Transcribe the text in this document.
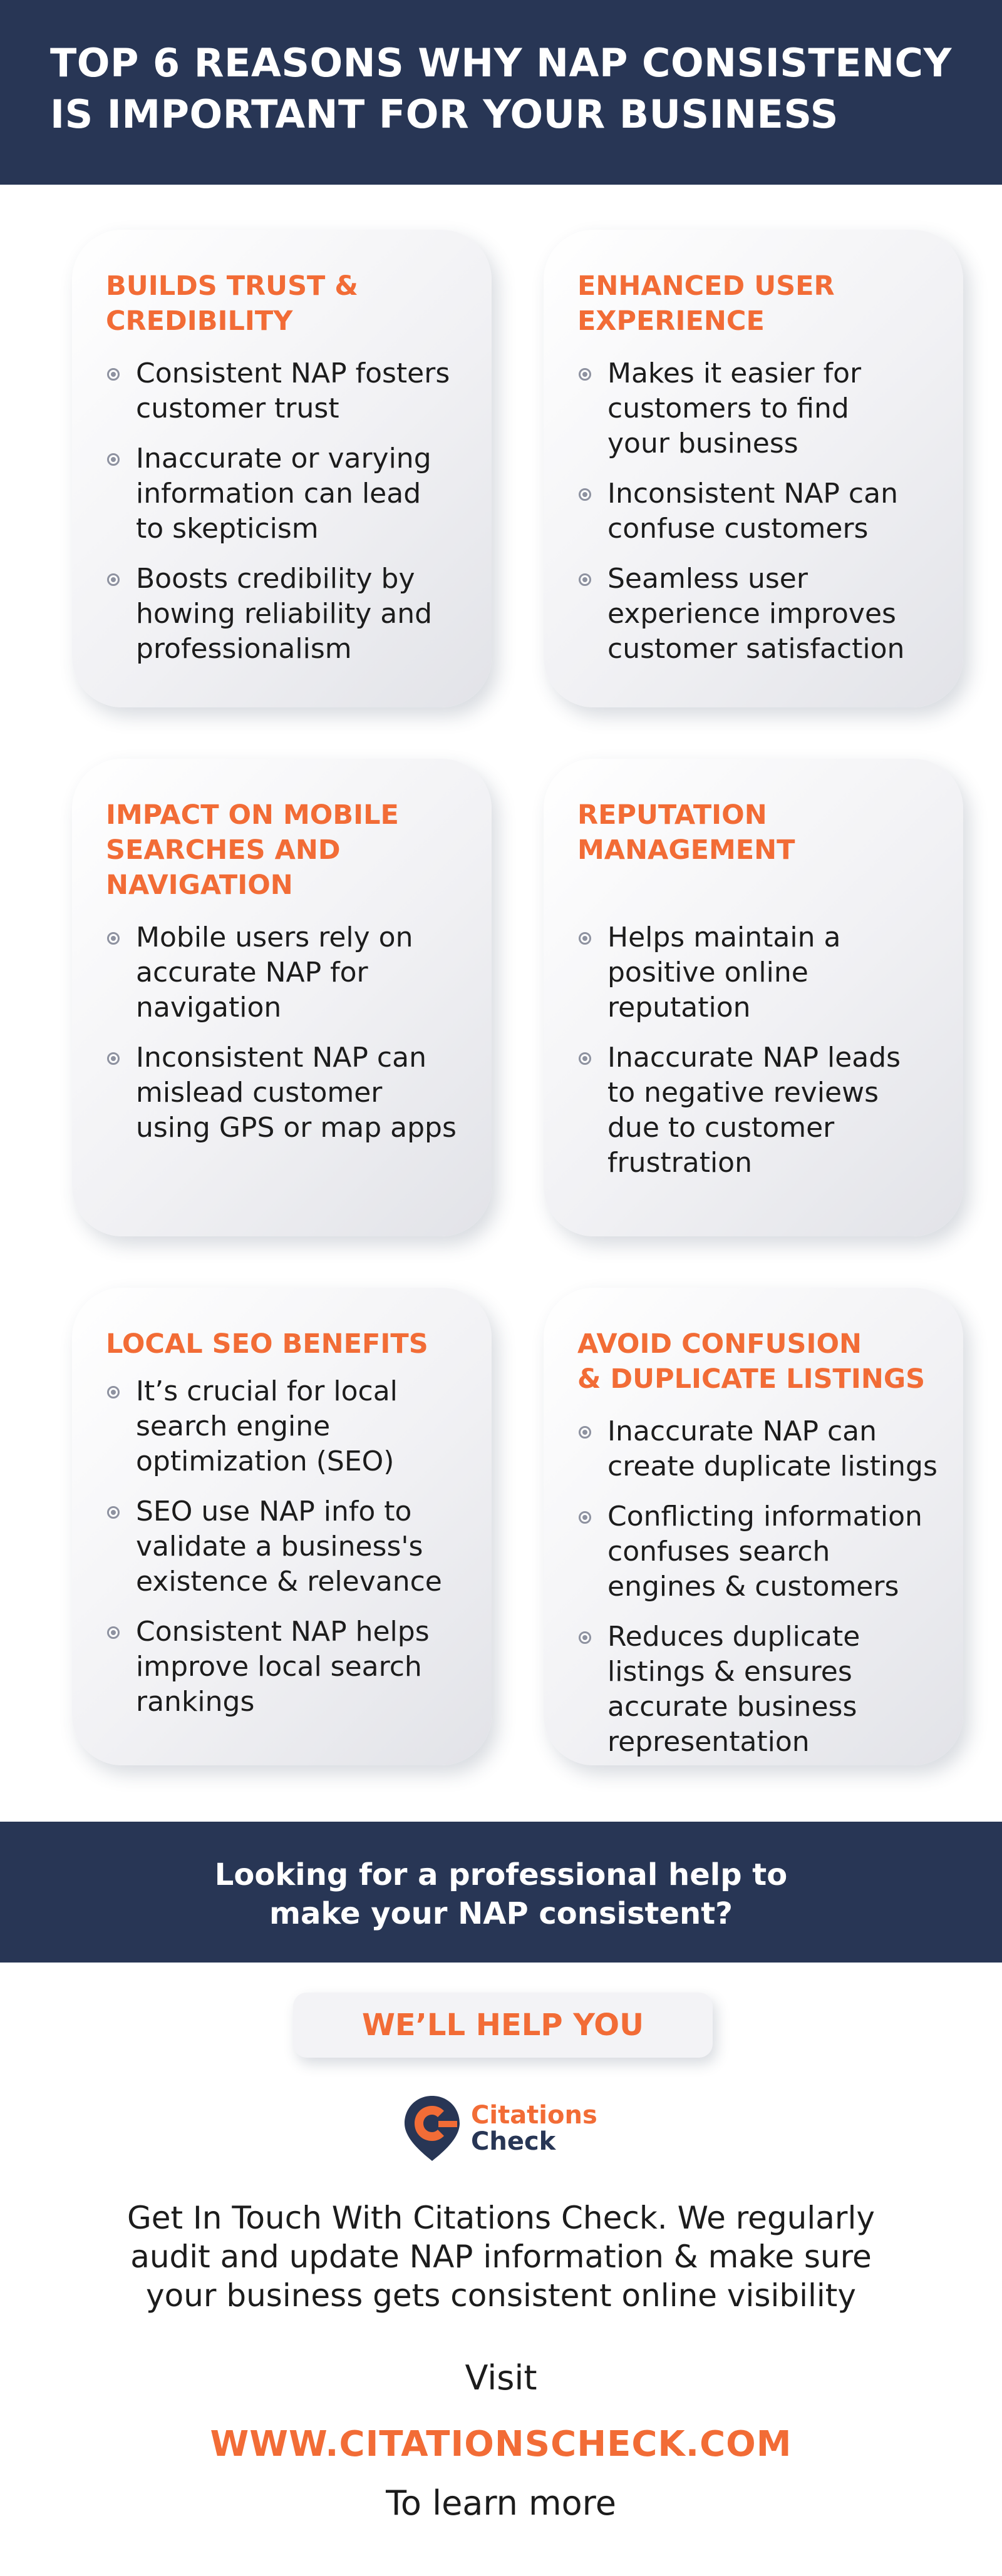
TOP 6 REASONS WHY NAP CONSISTENCY
IS IMPORTANT FOR YOUR BUSINESS
BUILDS TRUST &
CREDIBILITY
Consistent NAP fosters
customer trust
Inaccurate or varying
information can lead
to skepticism
Boosts credibility by
howing reliability and
professionalism
ENHANCED USER
EXPERIENCE
Makes it easier for
customers to find
your business
Inconsistent NAP can
confuse customers
Seamless user
experience improves
customer satisfaction
IMPACT ON MOBILE
SEARCHES AND
NAVIGATION
Mobile users rely on
accurate NAP for
navigation
Inconsistent NAP can
mislead customer
using GPS or map apps
REPUTATION
MANAGEMENT
Helps maintain a
positive online
reputation
Inaccurate NAP leads
to negative reviews
due to customer
frustration
LOCAL SEO BENEFITS
It’s crucial for local
search engine
optimization (SEO)
SEO use NAP info to
validate a business's
existence & relevance
Consistent NAP helps
improve local search
rankings
AVOID CONFUSION
& DUPLICATE LISTINGS
Inaccurate NAP can
create duplicate listings
Conflicting information
confuses search
engines & customers
Reduces duplicate
listings & ensures
accurate business
representation
Looking for a professional help to
make your NAP consistent?
WE’LL HELP YOU
Citations
Check
Get In Touch With Citations Check. We regularly
audit and update NAP information & make sure
your business gets consistent online visibility
Visit
WWW.CITATIONSCHECK.COM
To learn more
